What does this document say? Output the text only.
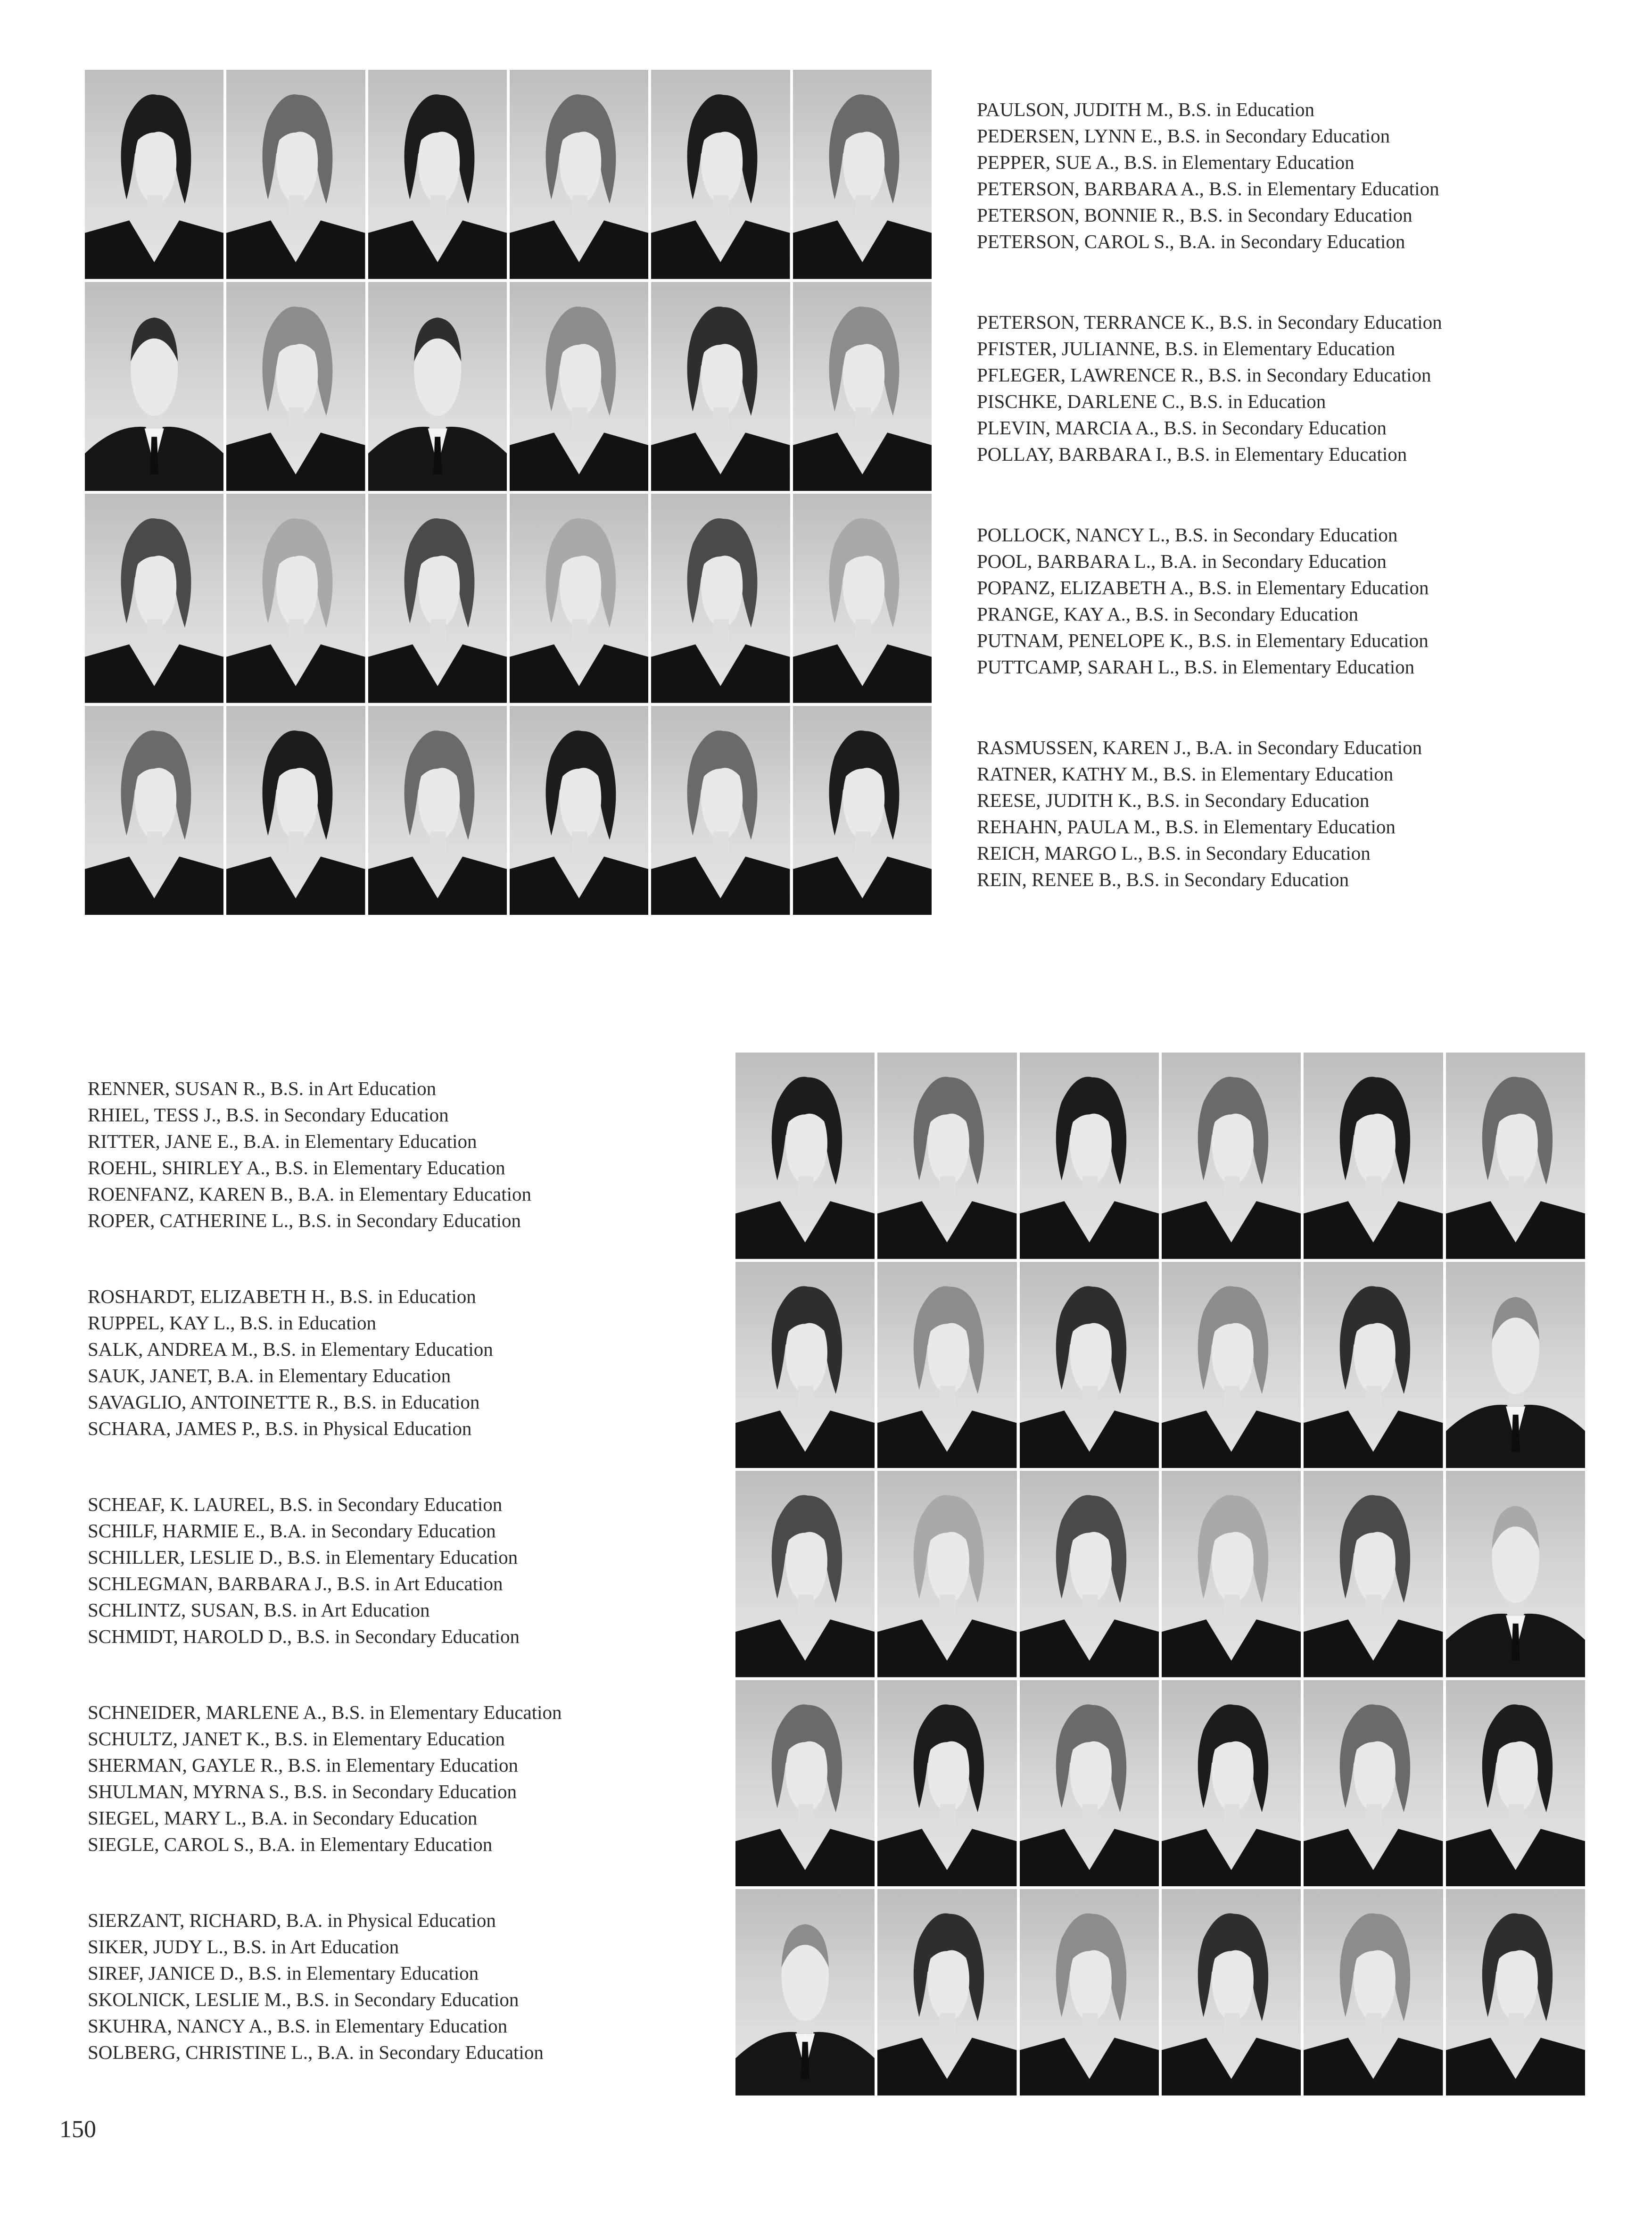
PAULSON, JUDITH M., B.S. in Education
PEDERSEN, LYNN E., B.S. in Secondary Education
PEPPER, SUE A., B.S. in Elementary Education
PETERSON, BARBARA A., B.S. in Elementary Education
PETERSON, BONNIE R., B.S. in Secondary Education
PETERSON, CAROL S., B.A. in Secondary Education
PETERSON, TERRANCE K., B.S. in Secondary Education
PFISTER, JULIANNE, B.S. in Elementary Education
PFLEGER, LAWRENCE R., B.S. in Secondary Education
PISCHKE, DARLENE C., B.S. in Education
PLEVIN, MARCIA A., B.S. in Secondary Education
POLLAY, BARBARA I., B.S. in Elementary Education
POLLOCK, NANCY L., B.S. in Secondary Education
POOL, BARBARA L., B.A. in Secondary Education
POPANZ, ELIZABETH A., B.S. in Elementary Education
PRANGE, KAY A., B.S. in Secondary Education
PUTNAM, PENELOPE K., B.S. in Elementary Education
PUTTCAMP, SARAH L., B.S. in Elementary Education
RASMUSSEN, KAREN J., B.A. in Secondary Education
RATNER, KATHY M., B.S. in Elementary Education
REESE, JUDITH K., B.S. in Secondary Education
REHAHN, PAULA M., B.S. in Elementary Education
REICH, MARGO L., B.S. in Secondary Education
REIN, RENEE B., B.S. in Secondary Education
RENNER, SUSAN R., B.S. in Art Education
RHIEL, TESS J., B.S. in Secondary Education
RITTER, JANE E., B.A. in Elementary Education
ROEHL, SHIRLEY A., B.S. in Elementary Education
ROENFANZ, KAREN B., B.A. in Elementary Education
ROPER, CATHERINE L., B.S. in Secondary Education
ROSHARDT, ELIZABETH H., B.S. in Education
RUPPEL, KAY L., B.S. in Education
SALK, ANDREA M., B.S. in Elementary Education
SAUK, JANET, B.A. in Elementary Education
SAVAGLIO, ANTOINETTE R., B.S. in Education
SCHARA, JAMES P., B.S. in Physical Education
SCHEAF, K. LAUREL, B.S. in Secondary Education
SCHILF, HARMIE E., B.A. in Secondary Education
SCHILLER, LESLIE D., B.S. in Elementary Education
SCHLEGMAN, BARBARA J., B.S. in Art Education
SCHLINTZ, SUSAN, B.S. in Art Education
SCHMIDT, HAROLD D., B.S. in Secondary Education
SCHNEIDER, MARLENE A., B.S. in Elementary Education
SCHULTZ, JANET K., B.S. in Elementary Education
SHERMAN, GAYLE R., B.S. in Elementary Education
SHULMAN, MYRNA S., B.S. in Secondary Education
SIEGEL, MARY L., B.A. in Secondary Education
SIEGLE, CAROL S., B.A. in Elementary Education
SIERZANT, RICHARD, B.A. in Physical Education
SIKER, JUDY L., B.S. in Art Education
SIREF, JANICE D., B.S. in Elementary Education
SKOLNICK, LESLIE M., B.S. in Secondary Education
SKUHRA, NANCY A., B.S. in Elementary Education
SOLBERG, CHRISTINE L., B.A. in Secondary Education
150
